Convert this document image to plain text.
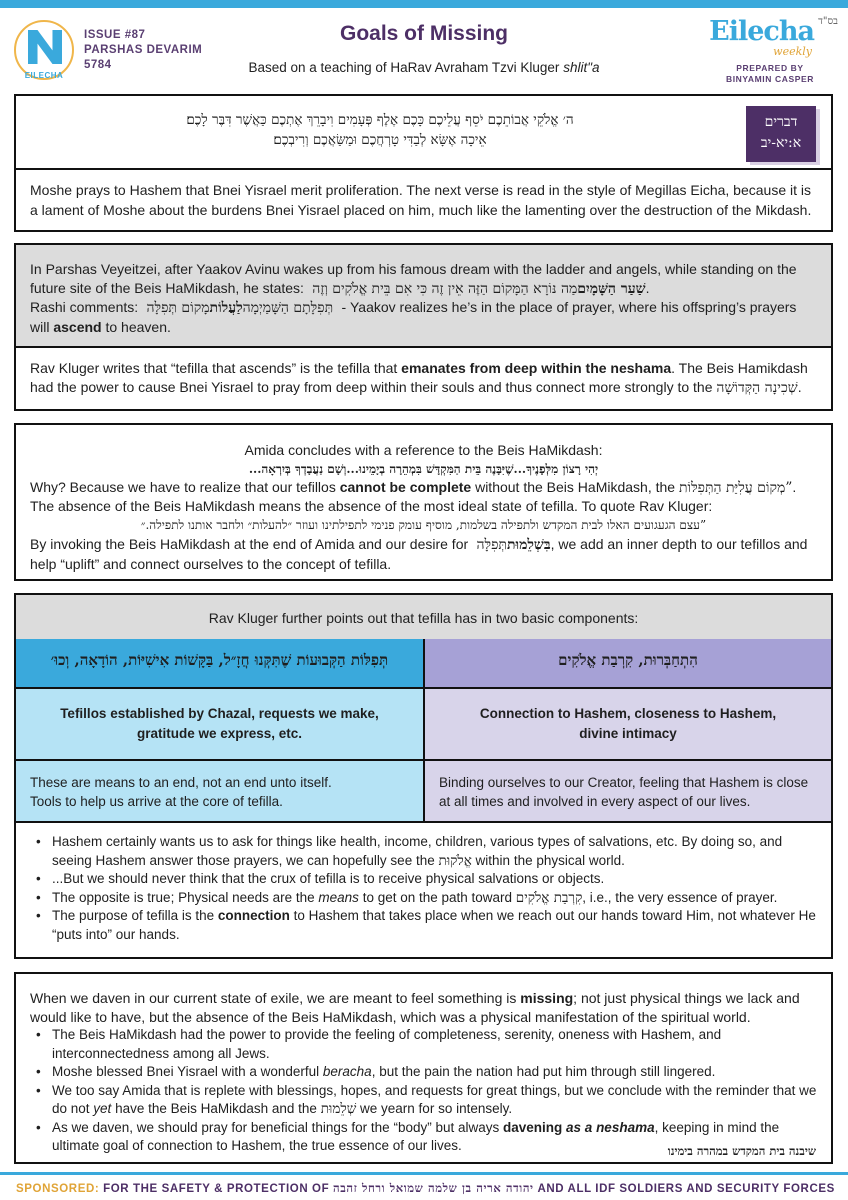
בס"ד
EILECHA
ISSUE #87
PARSHAS DEVARIM
5784
Goals of Missing
Based on a teaching of HaRav Avraham Tzvi Kluger shlit"a
Eilecha
weekly
PREPARED BY
BINYAMIN CASPER
ה׳ אֱלֹקֵי אֲבוֹתֵכֶם יֹסֵף עֲלֵיכֶם כָּכֶם אֶלֶף פְּעָמִים וִיבָרֵךְ אֶתְכֶם כַּאֲשֶׁר דִּבֶּר לָכֶם׃
אֵיכָה אֶשָּׂא לְבַדִּי טָרְחֲכֶם וּמַשַּׂאֲכֶם וְרִיבְכֶם׃
דברים
א:יא-יב
Moshe prays to Hashem that Bnei Yisrael merit proliferation. The next verse is read in the style of Megillas Eicha, because it is a lament of Moshe about the burdens Bnei Yisrael placed on him, much like the lamenting over the destruction of the Mikdash.
In Parshas Veyeitzei, after Yaakov Avinu wakes up from his famous dream with the ladder and angels, while standing on the future site of the Beis HaMikdash, he states: מַה נּוֹרָא הַמָּקוֹם הַזֶּה אֵין זֶה כִּי אִם בֵּית אֱלֹקִים וְזֶה שַׁעַר הַשָּׁמָיִם.
Rashi comments: מָקוֹם תְּפִלָּה לַעֲלוֹת תְּפִלָּתָם הַשָּׁמַיְמָה - Yaakov realizes he’s in the place of prayer, where his offspring’s prayers will ascend to heaven.
Rav Kluger writes that “tefilla that ascends” is the tefilla that emanates from deep within the neshama. The Beis Hamikdash had the power to cause Bnei Yisrael to pray from deep within their souls and thus connect more strongly to the שְׁכִינָה הַקְּדוֹשָׁה.
Amida concludes with a reference to the Beis HaMikdash:
יְהִי רָצוֹן מִלְּפָנֶיךָ...שֶׁיִּבָּנֶה בֵּית הַמִּקְדָּשׁ בִּמְהֵרָה בְיָמֵינוּ...וְשָׁם נַעֲבָדְךָ בְּיִרְאָה...
Why? Because we have to realize that our tefillos cannot be complete without the Beis HaMikdash, the ”מְקוֹם עֲלִיַּת הַתְּפִלּוֹת.
The absence of the Beis HaMikdash means the absence of the most ideal state of tefilla. To quote Rav Kluger:
”עצם הגעגועים האלו לבית המקדש ולתפילה בשלמות, מוסיף עומק פנימי לתפילתינו ועוזר ״להעלות״ ולחבר אותנו לתפילה.״
By invoking the Beis HaMikdash at the end of Amida and our desire for תְּפִלָּה בִּשְׁלֵמוּת, we add an inner depth to our tefillos and help “uplift” and connect ourselves to the concept of tefilla.
Rav Kluger further points out that tefilla has in two basic components:
תְּפִלּוֹת הַקְּבוּעוֹת שֶׁתִּקְּנוּ חֲזָ״ל, בַּקָּשׁוֹת אִישִׁיּוֹת, הוֹדָאָה, וְכוּ׳	הִתְחַבְּרוּת, קִרְבַת אֱלֹקִים
Tefillos established by Chazal, requests we make,
gratitude we express, etc.
Connection to Hashem, closeness to Hashem,
divine intimacy
These are means to an end, not an end unto itself.
Tools to help us arrive at the core of tefilla.
Binding ourselves to our Creator, feeling that Hashem is close at all times and involved in every aspect of our lives.
• Hashem certainly wants us to ask for things like health, income, children, various types of salvations, etc. By doing so, and seeing Hashem answer those prayers, we can hopefully see the אֱלֹקוּת within the physical world.
• ...But we should never think that the crux of tefilla is to receive physical salvations or objects.
• The opposite is true; Physical needs are the means to get on the path toward קִרְבַת אֱלֹקִים, i.e., the very essence of prayer.
• The purpose of tefilla is the connection to Hashem that takes place when we reach out our hands toward Him, not whatever He “puts into” our hands.
When we daven in our current state of exile, we are meant to feel something is missing; not just physical things we lack and would like to have, but the absence of the Beis HaMikdash, which was a physical manifestation of the spiritual world.
• The Beis HaMikdash had the power to provide the feeling of completeness, serenity, oneness with Hashem, and interconnectedness among all Jews.
• Moshe blessed Bnei Yisrael with a wonderful beracha, but the pain the nation had put him through still lingered.
• We too say Amida that is replete with blessings, hopes, and requests for great things, but we conclude with the reminder that we do not yet have the Beis HaMikdash and the שְׁלֵמוּת we yearn for so intensely.
• As we daven, we should pray for beneficial things for the “body” but always davening as a neshama, keeping in mind the ultimate goal of connection to Hashem, the true essence of our lives.	שיבנה בית המקדש במהרה בימינו
SPONSORED: FOR THE SAFETY & PROTECTION OF יהודה אריה בן שלמה שמואל ורחל זהבה AND ALL IDF SOLDIERS AND SECURITY FORCES
